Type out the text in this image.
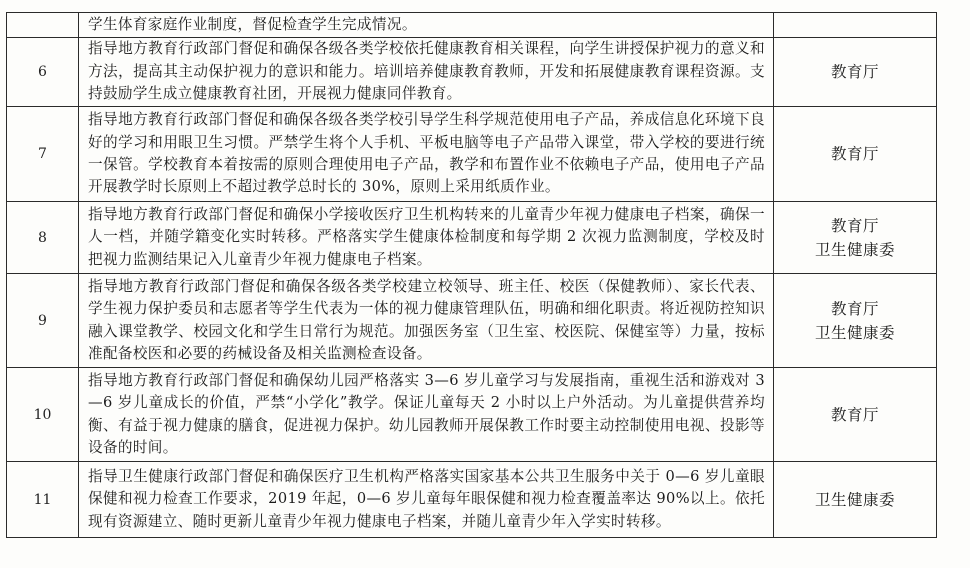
	学生体育家庭作业制度，督促检查学生完成情况。	
6	指导地方教育行政部门督促和确保各级各类学校依托健康教育相关课程，向学生讲授保护视力的意义和方法，提高其主动保护视力的意识和能力。培训培养健康教育教师，开发和拓展健康教育课程资源。支持鼓励学生成立健康教育社团，开展视力健康同伴教育。	教育厅

7	指导地方教育行政部门督促和确保各级各类学校引导学生科学规范使用电子产品，养成信息化环境下良好的学习和用眼卫生习惯。严禁学生将个人手机、平板电脑等电子产品带入课堂，带入学校的要进行统一保管。学校教育本着按需的原则合理使用电子产品，教学和布置作业不依赖电子产品，使用电子产品开展教学时长原则上不超过教学总时长的 30%，原则上采用纸质作业。	教育厅

8	指导地方教育行政部门督促和确保小学接收医疗卫生机构转来的儿童青少年视力健康电子档案，确保一人一档，并随学籍变化实时转移。严格落实学生健康体检制度和每学期 2 次视力监测制度，学校及时把视力监测结果记入儿童青少年视力健康电子档案。	教育厅
卫生健康委

9	指导地方教育行政部门督促和确保各级各类学校建立校领导、班主任、校医（保健教师）、家长代表、学生视力保护委员和志愿者等学生代表为一体的视力健康管理队伍，明确和细化职责。将近视防控知识融入课堂教学、校园文化和学生日常行为规范。加强医务室（卫生室、校医院、保健室等）力量，按标准配备校医和必要的药械设备及相关监测检查设备。	教育厅
卫生健康委

10	指导地方教育行政部门督促和确保幼儿园严格落实 3—6 岁儿童学习与发展指南，重视生活和游戏对 3—6 岁儿童成长的价值，严禁“小学化”教学。保证儿童每天 2 小时以上户外活动。为儿童提供营养均衡、有益于视力健康的膳食，促进视力保护。幼儿园教师开展保教工作时要主动控制使用电视、投影等设备的时间。	教育厅

11	指导卫生健康行政部门督促和确保医疗卫生机构严格落实国家基本公共卫生服务中关于 0—6 岁儿童眼保健和视力检查工作要求，2019 年起，0—6 岁儿童每年眼保健和视力检查覆盖率达 90%以上。依托现有资源建立、随时更新儿童青少年视力健康电子档案，并随儿童青少年入学实时转移。	卫生健康委
